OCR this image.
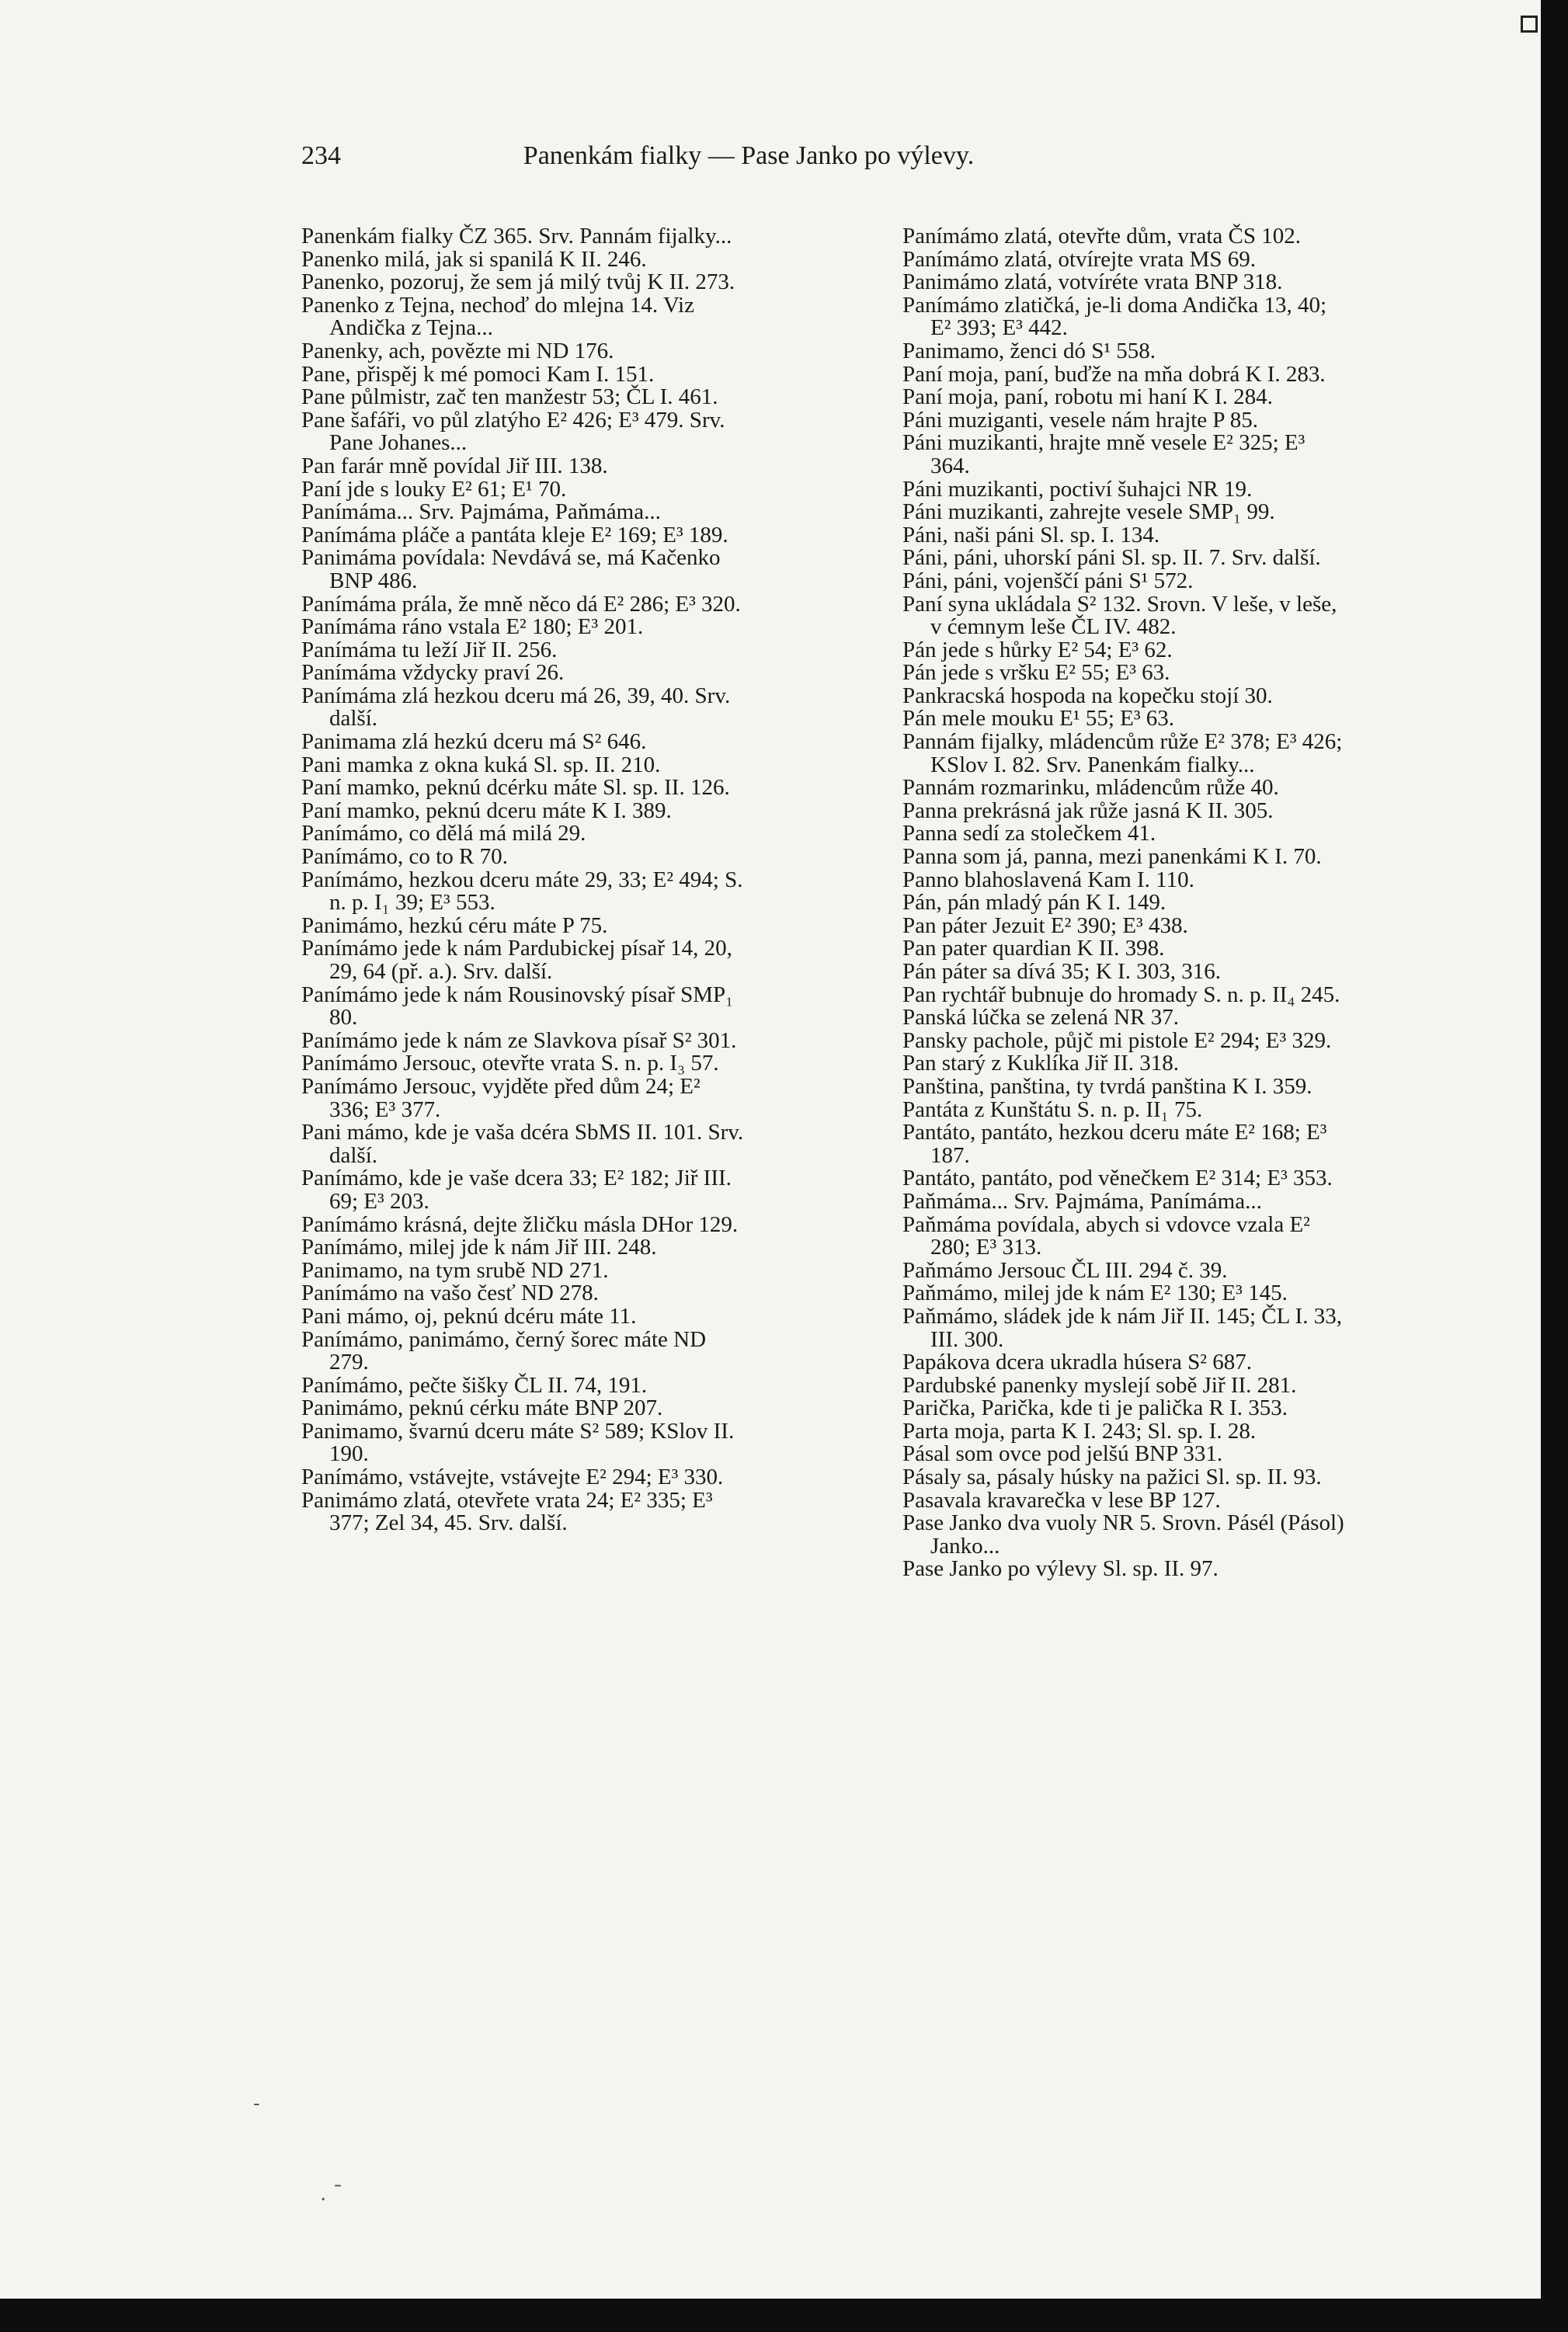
234	Panenkám fialky — Pase Janko po výlevy.

Panenkám fialky ČZ 365. Srv. Pannám fijalky...

Panenko milá, jak si spanilá K II. 246.

Panenko, pozoruj, že sem já milý tvůj K II. 273.

Panenko z Tejna, nechoď do mlejna 14. Viz Andička z Tejna...

Panenky, ach, povězte mi ND 176.

Pane, přispěj k mé pomoci Kam I. 151.

Pane půlmistr, zač ten manžestr 53; ČL I. 461.

Pane šafáři, vo půl zlatýho E² 426; E³ 479. Srv. Pane Johanes...

Pan farár mně povídal Jiř III. 138.

Paní jde s louky E² 61; E¹ 70.

Panímáma... Srv. Pajmáma, Paňmáma...

Panímáma pláče a pantáta kleje E² 169; E³ 189.

Panimáma povídala: Nevdává se, má Kačenko BNP 486.

Panímáma prála, že mně něco dá E² 286; E³ 320.

Panímáma ráno vstala E² 180; E³ 201.

Panímáma tu leží Jiř II. 256.

Panímáma vždycky praví 26.

Panímáma zlá hezkou dceru má 26, 39, 40. Srv. další.

Panimama zlá hezkú dceru má S² 646.

Pani mamka z okna kuká Sl. sp. II. 210.

Paní mamko, peknú dcérku máte Sl. sp. II. 126.

Paní mamko, peknú dceru máte K I. 389.

Panímámo, co dělá má milá 29.

Panímámo, co to R 70.

Panímámo, hezkou dceru máte 29, 33; E² 494; S. n. p. I₁ 39; E³ 553.

Panimámo, hezkú céru máte P 75.

Panímámo jede k nám Pardubickej písař 14, 20, 29, 64 (př. a.). Srv. další.

Panímámo jede k nám Rousinovský písař SMP₁ 80.

Panímámo jede k nám ze Slavkova písař S² 301.

Panímámo Jersouc, otevřte vrata S. n. p. I₃ 57.

Panímámo Jersouc, vyjděte před dům 24; E² 336; E³ 377.

Pani mámo, kde je vaša dcéra SbMS II. 101. Srv. další.

Panímámo, kde je vaše dcera 33; E² 182; Jiř III. 69; E³ 203.

Panímámo krásná, dejte žličku másla DHor 129.

Panímámo, milej jde k nám Jiř III. 248.

Panimamo, na tym srubě ND 271.

Panímámo na vašo česť ND 278.

Pani mámo, oj, peknú dcéru máte 11.

Panímámo, panimámo, černý šorec máte ND 279.

Panímámo, pečte šišky ČL II. 74, 191.

Panimámo, peknú cérku máte BNP 207.

Panimamo, švarnú dceru máte S² 589; KSlov II. 190.

Panímámo, vstávejte, vstávejte E² 294; E³ 330.

Panimámo zlatá, otevřete vrata 24; E² 335; E³ 377; Zel 34, 45. Srv. další.

Panímámo zlatá, otevřte dům, vrata ČS 102.

Panímámo zlatá, otvírejte vrata MS 69.

Panimámo zlatá, votvíréte vrata BNP 318.

Panímámo zlatičká, je-li doma Andička 13, 40; E² 393; E³ 442.

Panimamo, ženci dó S¹ 558.

Paní moja, paní, buďže na mňa dobrá K I. 283.

Paní moja, paní, robotu mi haní K I. 284.

Páni muziganti, vesele nám hrajte P 85.

Páni muzikanti, hrajte mně vesele E² 325; E³ 364.

Páni muzikanti, poctiví šuhajci NR 19.

Páni muzikanti, zahrejte vesele SMP₁ 99.

Páni, naši páni Sl. sp. I. 134.

Páni, páni, uhorskí páni Sl. sp. II. 7. Srv. další.

Páni, páni, vojenščí páni S¹ 572.

Paní syna ukládala S² 132. Srovn. V leše, v leše, v ćemnym leše ČL IV. 482.

Pán jede s hůrky E² 54; E³ 62.

Pán jede s vršku E² 55; E³ 63.

Pankracská hospoda na kopečku stojí 30.

Pán mele mouku E¹ 55; E³ 63.

Pannám fijalky, mládencům růže E² 378; E³ 426; KSlov I. 82. Srv. Panenkám fialky...

Pannám rozmarinku, mládencům růže 40.

Panna prekrásná jak růže jasná K II. 305.

Panna sedí za stolečkem 41.

Panna som já, panna, mezi panenkámi K I. 70.

Panno blahoslavená Kam I. 110.

Pán, pán mladý pán K I. 149.

Pan páter Jezuit E² 390; E³ 438.

Pan pater quardian K II. 398.

Pán páter sa dívá 35; K I. 303, 316.

Pan rychtář bubnuje do hromady S. n. p. II₄ 245.

Panská lúčka se zelená NR 37.

Pansky pachole, půjč mi pistole E² 294; E³ 329.

Pan starý z Kuklíka Jiř II. 318.

Panština, panština, ty tvrdá panština K I. 359.

Pantáta z Kunštátu S. n. p. II₁ 75.

Pantáto, pantáto, hezkou dceru máte E² 168; E³ 187.

Pantáto, pantáto, pod věnečkem E² 314; E³ 353.

Paňmáma... Srv. Pajmáma, Panímáma...

Paňmáma povídala, abych si vdovce vzala E² 280; E³ 313.

Paňmámo Jersouc ČL III. 294 č. 39.

Paňmámo, milej jde k nám E² 130; E³ 145.

Paňmámo, sládek jde k nám Jiř II. 145; ČL I. 33, III. 300.

Papákova dcera ukradla húsera S² 687.

Pardubské panenky myslejí sobě Jiř II. 281.

Parička, Parička, kde ti je palička R I. 353.

Parta moja, parta K I. 243; Sl. sp. I. 28.

Pásal som ovce pod jelšú BNP 331.

Pásaly sa, pásaly húsky na pažici Sl. sp. II. 93.

Pasavala kravarečka v lese BP 127.

Pase Janko dva vuoly NR 5. Srovn. Pásél (Pásol) Janko...

Pase Janko po výlevy Sl. sp. II. 97.

-
. ˉ
